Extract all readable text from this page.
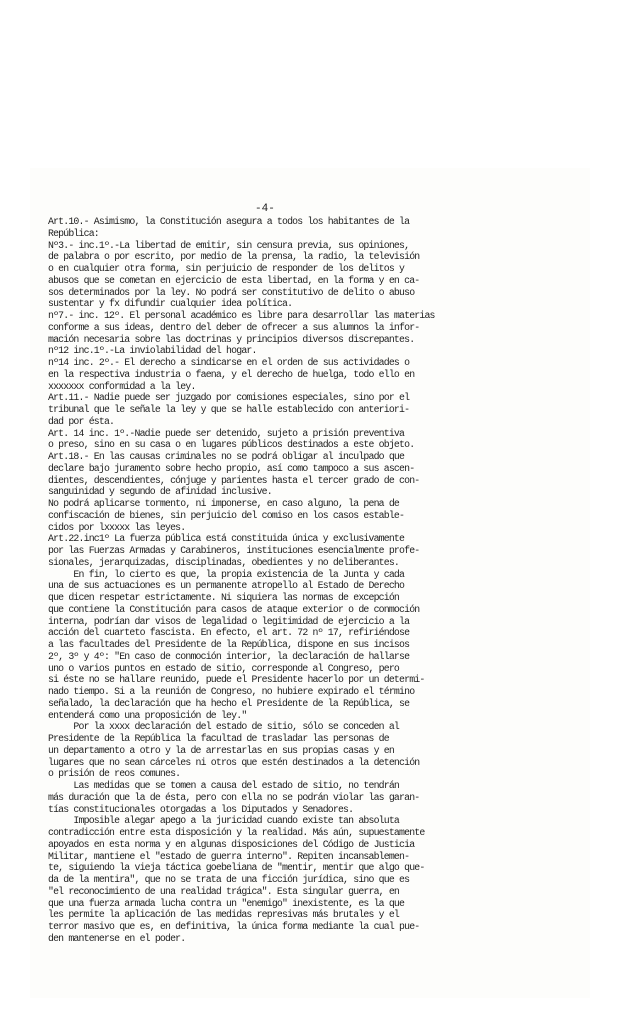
-4-
Art.10.- Asimismo, la Constitución asegura a todos los habitantes de la
República:
Nº3.- inc.1º.-La libertad de emitir, sin censura previa, sus opiniones,
de palabra o por escrito, por medio de la prensa, la radio, la televisión
o en cualquier otra forma, sin perjuicio de responder de los delitos y
abusos que se cometan en ejercicio de esta libertad, en la forma y en ca-
sos determinados por la ley. No podrá ser constitutivo de delito o abuso
sustentar y fx difundir cualquier idea política.
nº7.- inc. 12º. El personal académico es libre para desarrollar las materias
conforme a sus ideas, dentro del deber de ofrecer a sus alumnos la infor-
mación necesaria sobre las doctrinas y principios diversos discrepantes.
nº12 inc.1º.-La inviolabilidad del hogar.
nº14 inc. 2º.- El derecho a sindicarse en el orden de sus actividades o
en la respectiva industria o faena, y el derecho de huelga, todo ello en
xxxxxxx conformidad a la ley.
Art.11.- Nadie puede ser juzgado por comisiones especiales, sino por el
tribunal que le señale la ley y que se halle establecido con anteriori-
dad por ésta.
Art. 14 inc. 1º.-Nadie puede ser detenido, sujeto a prisión preventiva
o preso, sino en su casa o en lugares públicos destinados a este objeto.
Art.18.- En las causas criminales no se podrá obligar al inculpado que
declare bajo juramento sobre hecho propio, así como tampoco a sus ascen-
dientes, descendientes, cónjuge y parientes hasta el tercer grado de con-
sanguinidad y segundo de afinidad inclusive.
No podrá aplicarse tormento, ni imponerse, en caso alguno, la pena de
confiscación de bienes, sin perjuicio del comiso en los casos estable-
cidos por lxxxxx las leyes.
Art.22.inc1º La fuerza pública está constituida única y exclusivamente
por las Fuerzas Armadas y Carabineros, instituciones esencialmente profe-
sionales, jerarquizadas, disciplinadas, obedientes y no deliberantes.
En fin, lo cierto es que, la propia existencia de la Junta y cada
una de sus actuaciones es un permanente atropello al Estado de Derecho
que dicen respetar estrictamente. Ni siquiera las normas de excepción
que contiene la Constitución para casos de ataque exterior o de conmoción
interna, podrían dar visos de legalidad o legitimidad de ejercicio a la
acción del cuarteto fascista. En efecto, el art. 72 nº 17, refiriéndose
a las facultades del Presidente de la República, dispone en sus incisos
2º, 3º y 4º: "En caso de conmoción interior, la declaración de hallarse
uno o varios puntos en estado de sitio, corresponde al Congreso, pero
si éste no se hallare reunido, puede el Presidente hacerlo por un determi-
nado tiempo. Si a la reunión de Congreso, no hubiere expirado el término
señalado, la declaración que ha hecho el Presidente de la República, se
entenderá como una proposición de ley."
Por la xxxx declaración del estado de sitio, sólo se conceden al
Presidente de la República la facultad de trasladar las personas de
un departamento a otro y la de arrestarlas en sus propias casas y en
lugares que no sean cárceles ni otros que estén destinados a la detención
o prisión de reos comunes.
Las medidas que se tomen a causa del estado de sitio, no tendrán
más duración que la de ésta, pero con ella no se podrán violar las garan-
tías constitucionales otorgadas a los Diputados y Senadores.
Imposible alegar apego a la juricidad cuando existe tan absoluta
contradicción entre esta disposición y la realidad. Más aún, supuestamente
apoyados en esta norma y en algunas disposiciones del Código de Justicia
Militar, mantiene el "estado de guerra interno". Repiten incansablemen-
te, siguiendo la vieja táctica goebeliana de "mentir, mentir que algo que-
da de la mentira", que no se trata de una ficción jurídica, sino que es
"el reconocimiento de una realidad trágica". Esta singular guerra, en
que una fuerza armada lucha contra un "enemigo" inexistente, es la que
les permite la aplicación de las medidas represivas más brutales y el
terror masivo que es, en definitiva, la única forma mediante la cual pue-
den mantenerse en el poder.
